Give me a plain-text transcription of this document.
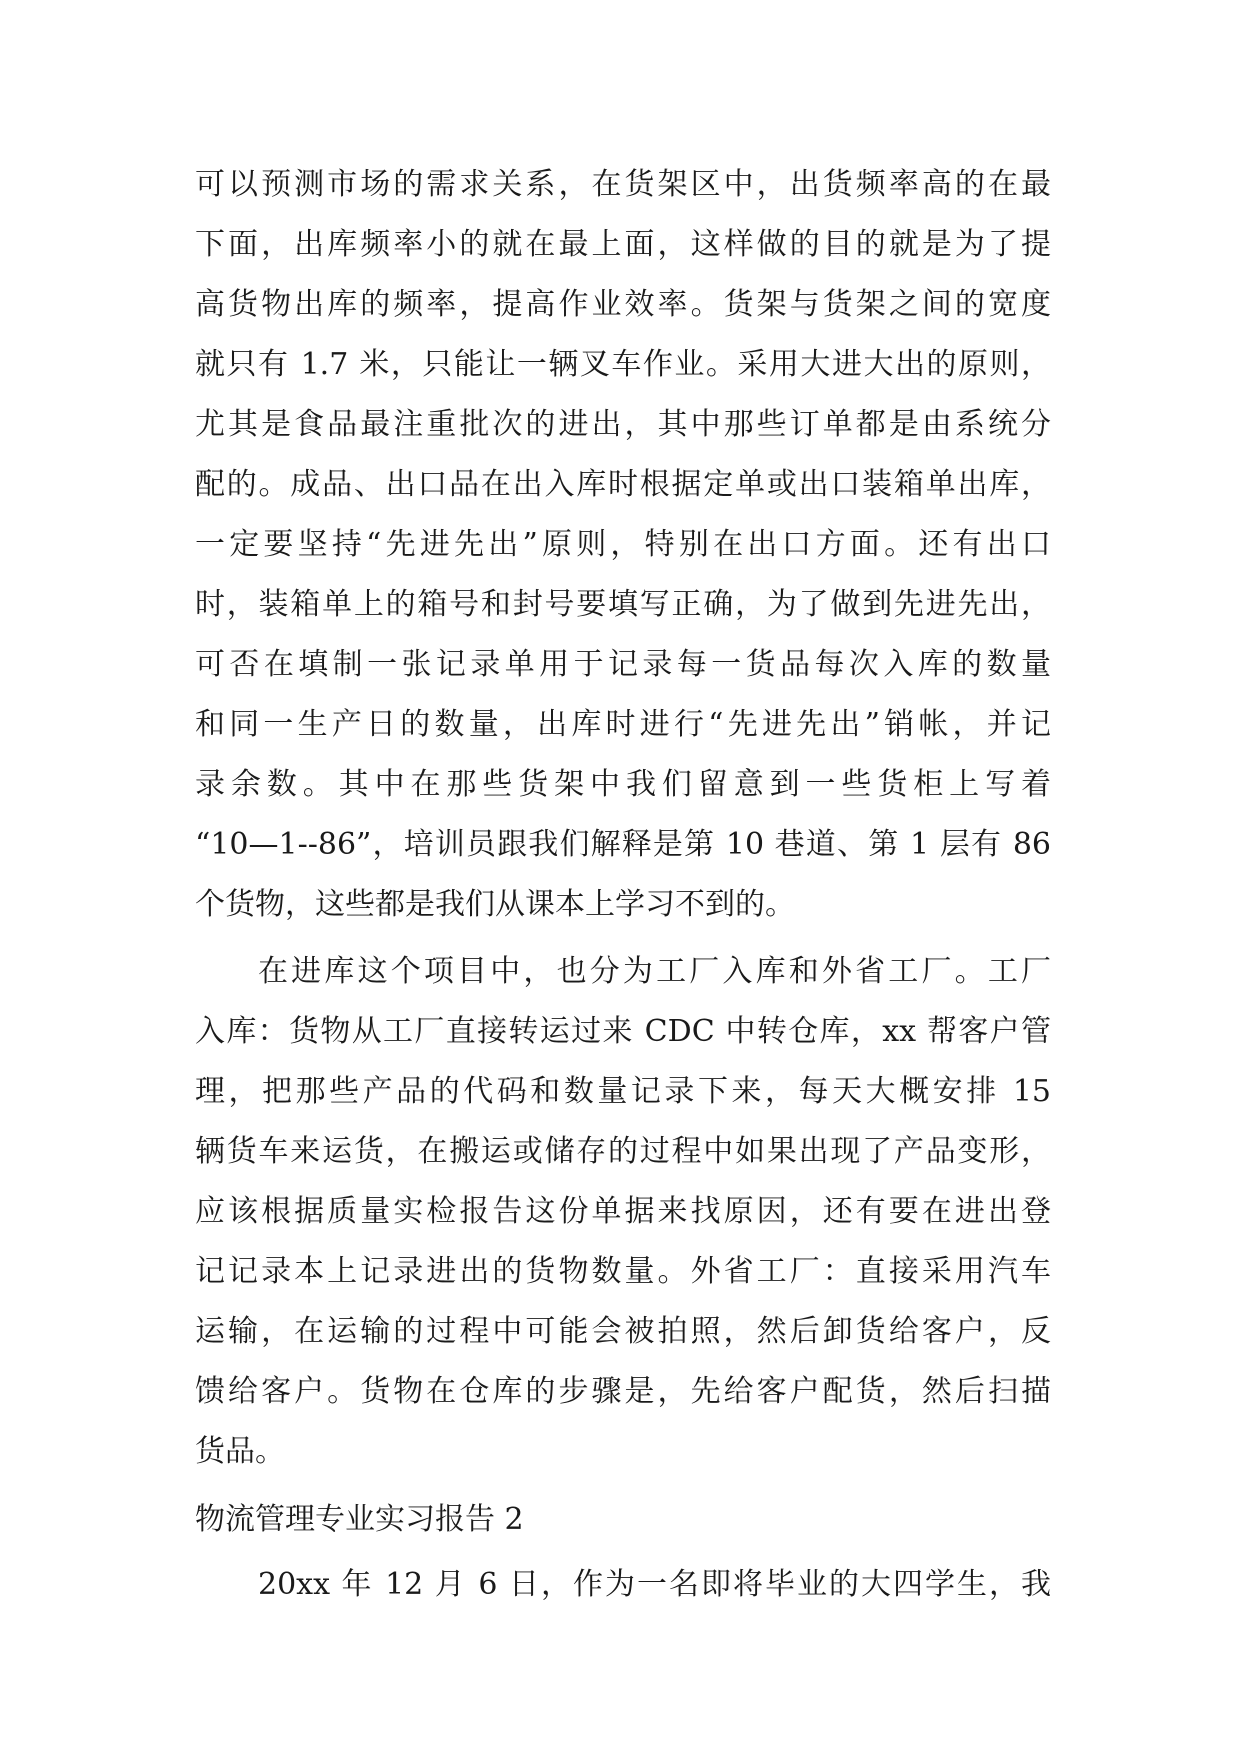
可以预测市场的需求关系，在货架区中，出货频率高的在最
下面，出库频率小的就在最上面，这样做的目的就是为了提
高货物出库的频率，提高作业效率。货架与货架之间的宽度
就只有 1.7 米，只能让一辆叉车作业。采用大进大出的原则，
尤其是食品最注重批次的进出，其中那些订单都是由系统分
配的。成品、出口品在出入库时根据定单或出口装箱单出库，
一定要坚持“先进先出”原则，特别在出口方面。还有出口
时，装箱单上的箱号和封号要填写正确，为了做到先进先出，
可否在填制一张记录单用于记录每一货品每次入库的数量
和同一生产日的数量，出库时进行“先进先出”销帐，并记
录余数。其中在那些货架中我们留意到一些货柜上写着
“10—1--86”，培训员跟我们解释是第 10 巷道、第 1 层有 86
个货物，这些都是我们从课本上学习不到的。
在进库这个项目中，也分为工厂入库和外省工厂。工厂
入库：货物从工厂直接转运过来 CDC 中转仓库，xx 帮客户管
理，把那些产品的代码和数量记录下来，每天大概安排 15
辆货车来运货，在搬运或储存的过程中如果出现了产品变形，
应该根据质量实检报告这份单据来找原因，还有要在进出登
记记录本上记录进出的货物数量。外省工厂：直接采用汽车
运输，在运输的过程中可能会被拍照，然后卸货给客户，反
馈给客户。货物在仓库的步骤是，先给客户配货，然后扫描
货品。
物流管理专业实习报告 2
20xx 年 12 月 6 日，作为一名即将毕业的大四学生，我
